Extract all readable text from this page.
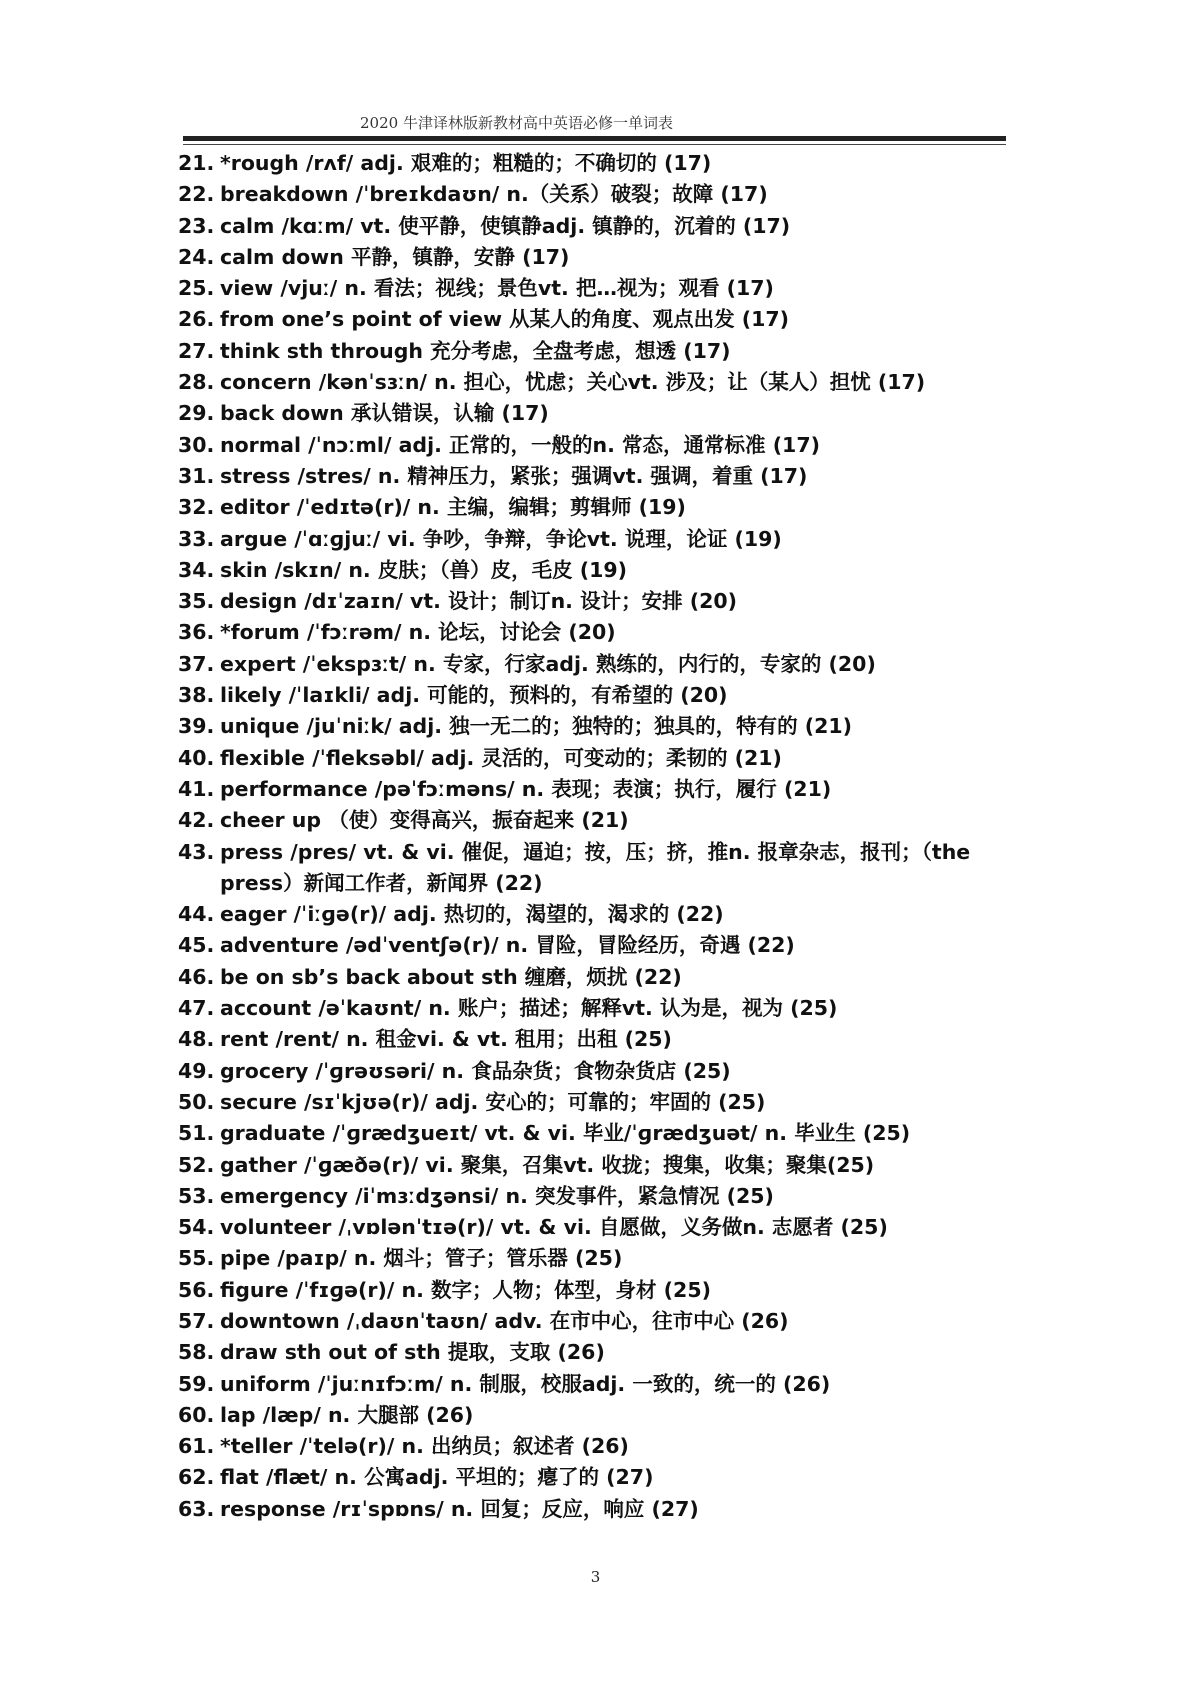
2020 牛津译林版新教材高中英语必修一单词表
21. *rough /rʌf/ adj. 艰难的；粗糙的；不确切的 (17)
22. breakdown /ˈbreɪkdaʊn/ n.（关系）破裂；故障 (17)
23. calm /kɑːm/ vt. 使平静，使镇静adj. 镇静的，沉着的 (17)
24. calm down 平静，镇静，安静 (17)
25. view /vjuː/ n. 看法；视线；景色vt. 把…视为；观看 (17)
26. from one’s point of view 从某人的角度、观点出发 (17)
27. think sth through 充分考虑，全盘考虑，想透 (17)
28. concern /kənˈsɜːn/ n. 担心，忧虑；关心vt. 涉及；让（某人）担忧 (17)
29. back down 承认错误，认输 (17)
30. normal /ˈnɔːml/ adj. 正常的，一般的n. 常态，通常标准 (17)
31. stress /stres/ n. 精神压力，紧张；强调vt. 强调，着重 (17)
32. editor /ˈedɪtə(r)/ n. 主编，编辑；剪辑师 (19)
33. argue /ˈɑːɡjuː/ vi. 争吵，争辩，争论vt. 说理，论证 (19)
34. skin /skɪn/ n. 皮肤；（兽）皮，毛皮 (19)
35. design /dɪˈzaɪn/ vt. 设计；制订n. 设计；安排 (20)
36. *forum /ˈfɔːrəm/ n. 论坛，讨论会 (20)
37. expert /ˈekspɜːt/ n. 专家，行家adj. 熟练的，内行的，专家的 (20)
38. likely /ˈlaɪkli/ adj. 可能的，预料的，有希望的 (20)
39. unique /juˈniːk/ adj. 独一无二的；独特的；独具的，特有的 (21)
40. flexible /ˈfleksəbl/ adj. 灵活的，可变动的；柔韧的 (21)
41. performance /pəˈfɔːməns/ n. 表现；表演；执行，履行 (21)
42. cheer up （使）变得高兴，振奋起来 (21)
43. press /pres/ vt. & vi. 催促，逼迫；按，压；挤，推n. 报章杂志，报刊；（the press）新闻工作者，新闻界 (22)
44. eager /ˈiːɡə(r)/ adj. 热切的，渴望的，渴求的 (22)
45. adventure /ədˈventʃə(r)/ n. 冒险，冒险经历，奇遇 (22)
46. be on sb’s back about sth 缠磨，烦扰 (22)
47. account /əˈkaʊnt/ n. 账户；描述；解释vt. 认为是，视为 (25)
48. rent /rent/ n. 租金vi. & vt. 租用；出租 (25)
49. grocery /ˈɡrəʊsəri/ n. 食品杂货；食物杂货店 (25)
50. secure /sɪˈkjʊə(r)/ adj. 安心的；可靠的；牢固的 (25)
51. graduate /ˈɡrædʒueɪt/ vt. & vi. 毕业/ˈɡrædʒuət/ n. 毕业生 (25)
52. gather /ˈɡæðə(r)/ vi. 聚集，召集vt. 收拢；搜集，收集；聚集(25)
53. emergency /iˈmɜːdʒənsi/ n. 突发事件，紧急情况 (25)
54. volunteer /ˌvɒlənˈtɪə(r)/ vt. & vi. 自愿做，义务做n. 志愿者 (25)
55. pipe /paɪp/ n. 烟斗；管子；管乐器 (25)
56. figure /ˈfɪɡə(r)/ n. 数字；人物；体型，身材 (25)
57. downtown /ˌdaʊnˈtaʊn/ adv. 在市中心，往市中心 (26)
58. draw sth out of sth 提取，支取 (26)
59. uniform /ˈjuːnɪfɔːm/ n. 制服，校服adj. 一致的，统一的 (26)
60. lap /læp/ n. 大腿部 (26)
61. *teller /ˈtelə(r)/ n. 出纳员；叙述者 (26)
62. flat /flæt/ n. 公寓adj. 平坦的；瘪了的 (27)
63. response /rɪˈspɒns/ n. 回复；反应，响应 (27)
3
